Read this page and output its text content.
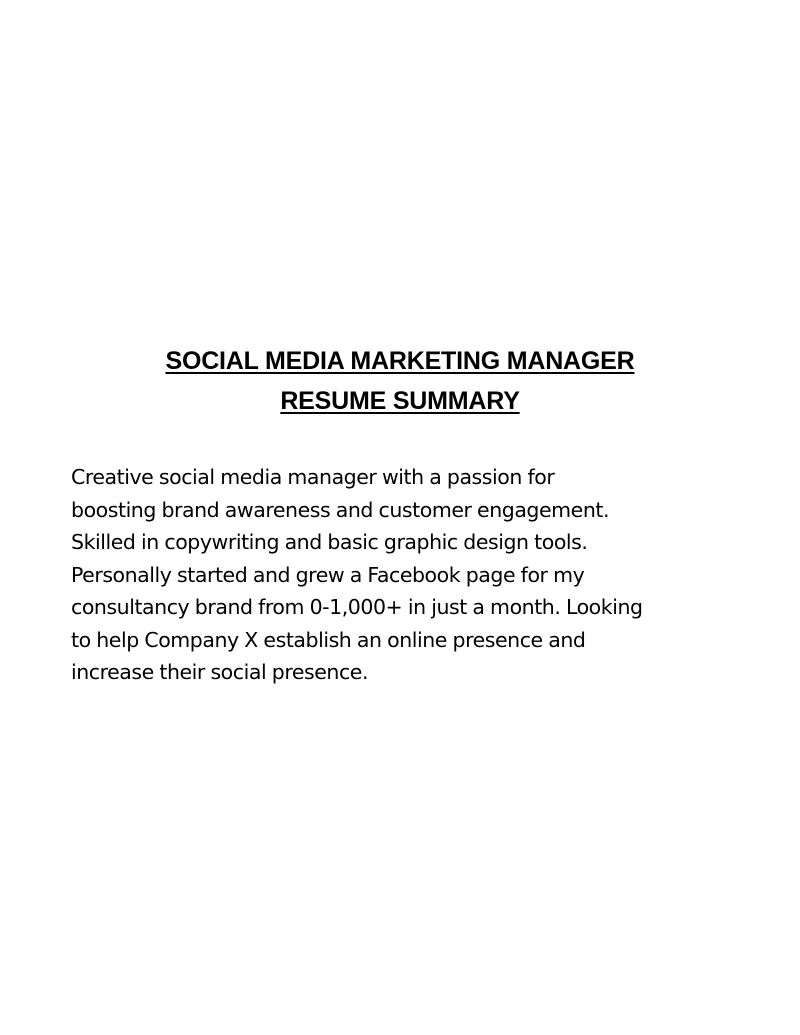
SOCIAL MEDIA MARKETING MANAGER
RESUME SUMMARY
Creative social media manager with a passion for
boosting brand awareness and customer engagement.
Skilled in copywriting and basic graphic design tools.
Personally started and grew a Facebook page for my
consultancy brand from 0-1,000+ in just a month. Looking
to help Company X establish an online presence and
increase their social presence.
